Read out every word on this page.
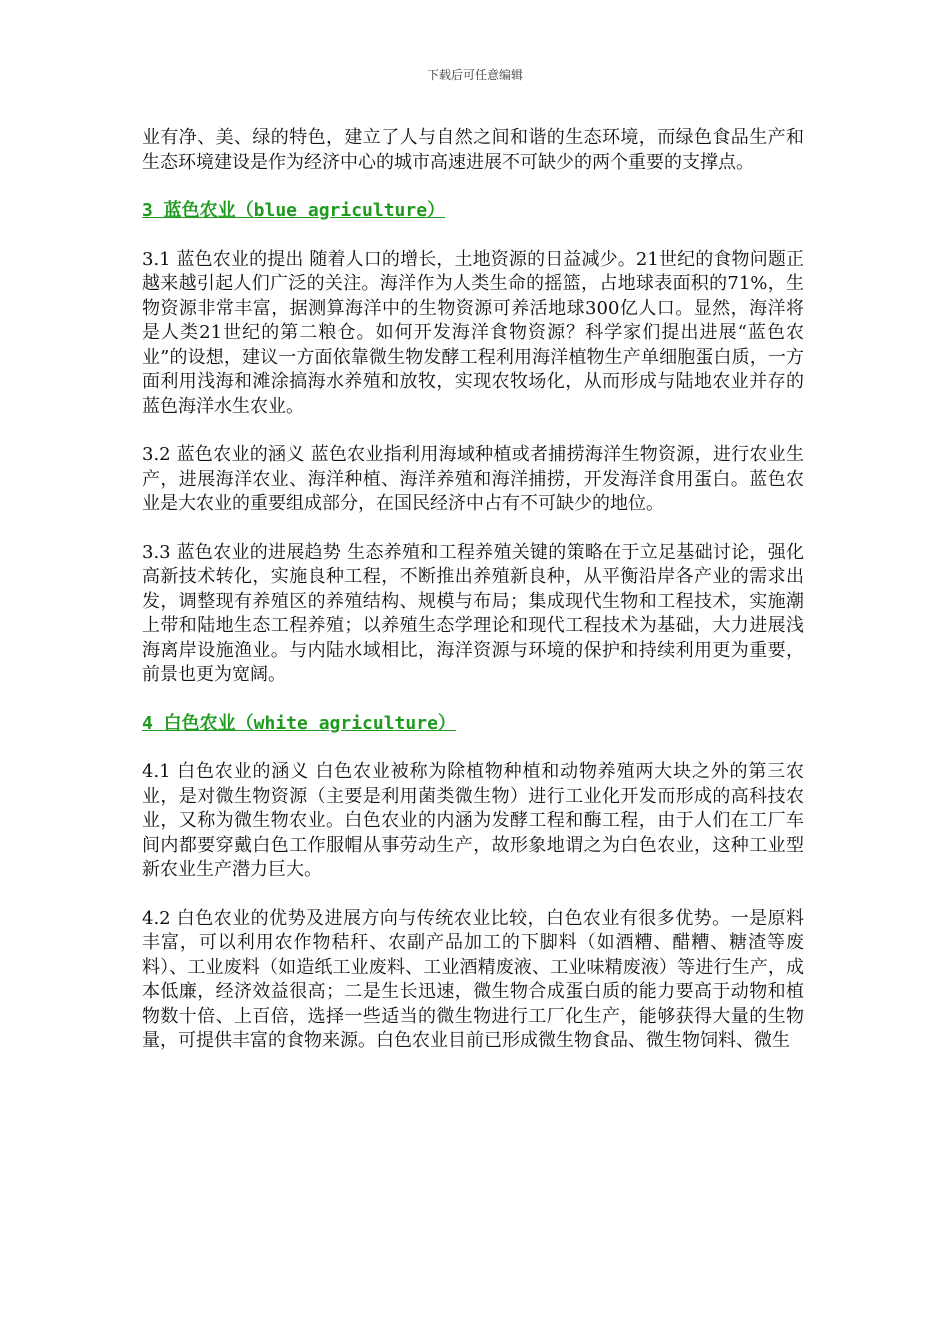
下载后可任意编辑

业有净、美、绿的特色，建立了人与自然之间和谐的生态环境，而绿色食品生产和生态环境建设是作为经济中心的城市高速进展不可缺少的两个重要的支撑点。

3 蓝色农业（blue agriculture）

3.1 蓝色农业的提出 随着人口的增长，土地资源的日益减少。21世纪的食物问题正越来越引起人们广泛的关注。海洋作为人类生命的摇篮，占地球表面积的71%，生物资源非常丰富，据测算海洋中的生物资源可养活地球300亿人口。显然，海洋将是人类21世纪的第二粮仓。如何开发海洋食物资源？科学家们提出进展“蓝色农业”的设想，建议一方面依靠微生物发酵工程利用海洋植物生产单细胞蛋白质，一方面利用浅海和滩涂搞海水养殖和放牧，实现农牧场化，从而形成与陆地农业并存的蓝色海洋水生农业。

3.2 蓝色农业的涵义 蓝色农业指利用海域种植或者捕捞海洋生物资源，进行农业生产，进展海洋农业、海洋种植、海洋养殖和海洋捕捞，开发海洋食用蛋白。蓝色农业是大农业的重要组成部分，在国民经济中占有不可缺少的地位。

3.3 蓝色农业的进展趋势 生态养殖和工程养殖关键的策略在于立足基础讨论，强化高新技术转化，实施良种工程，不断推出养殖新良种，从平衡沿岸各产业的需求出发，调整现有养殖区的养殖结构、规模与布局；集成现代生物和工程技术，实施潮上带和陆地生态工程养殖；以养殖生态学理论和现代工程技术为基础，大力进展浅海离岸设施渔业。与内陆水域相比，海洋资源与环境的保护和持续利用更为重要，前景也更为宽阔。

4 白色农业（white agriculture）

4.1 白色农业的涵义 白色农业被称为除植物种植和动物养殖两大块之外的第三农业，是对微生物资源（主要是利用菌类微生物）进行工业化开发而形成的高科技农业，又称为微生物农业。白色农业的内涵为发酵工程和酶工程，由于人们在工厂车间内都要穿戴白色工作服帽从事劳动生产，故形象地谓之为白色农业，这种工业型新农业生产潜力巨大。

4.2 白色农业的优势及进展方向与传统农业比较，白色农业有很多优势。一是原料丰富，可以利用农作物秸秆、农副产品加工的下脚料（如酒糟、醋糟、糖渣等废料）、工业废料（如造纸工业废料、工业酒精废液、工业味精废液）等进行生产，成本低廉，经济效益很高；二是生长迅速，微生物合成蛋白质的能力要高于动物和植物数十倍、上百倍，选择一些适当的微生物进行工厂化生产，能够获得大量的生物量，可提供丰富的食物来源。白色农业目前已形成微生物食品、微生物饲料、微生
